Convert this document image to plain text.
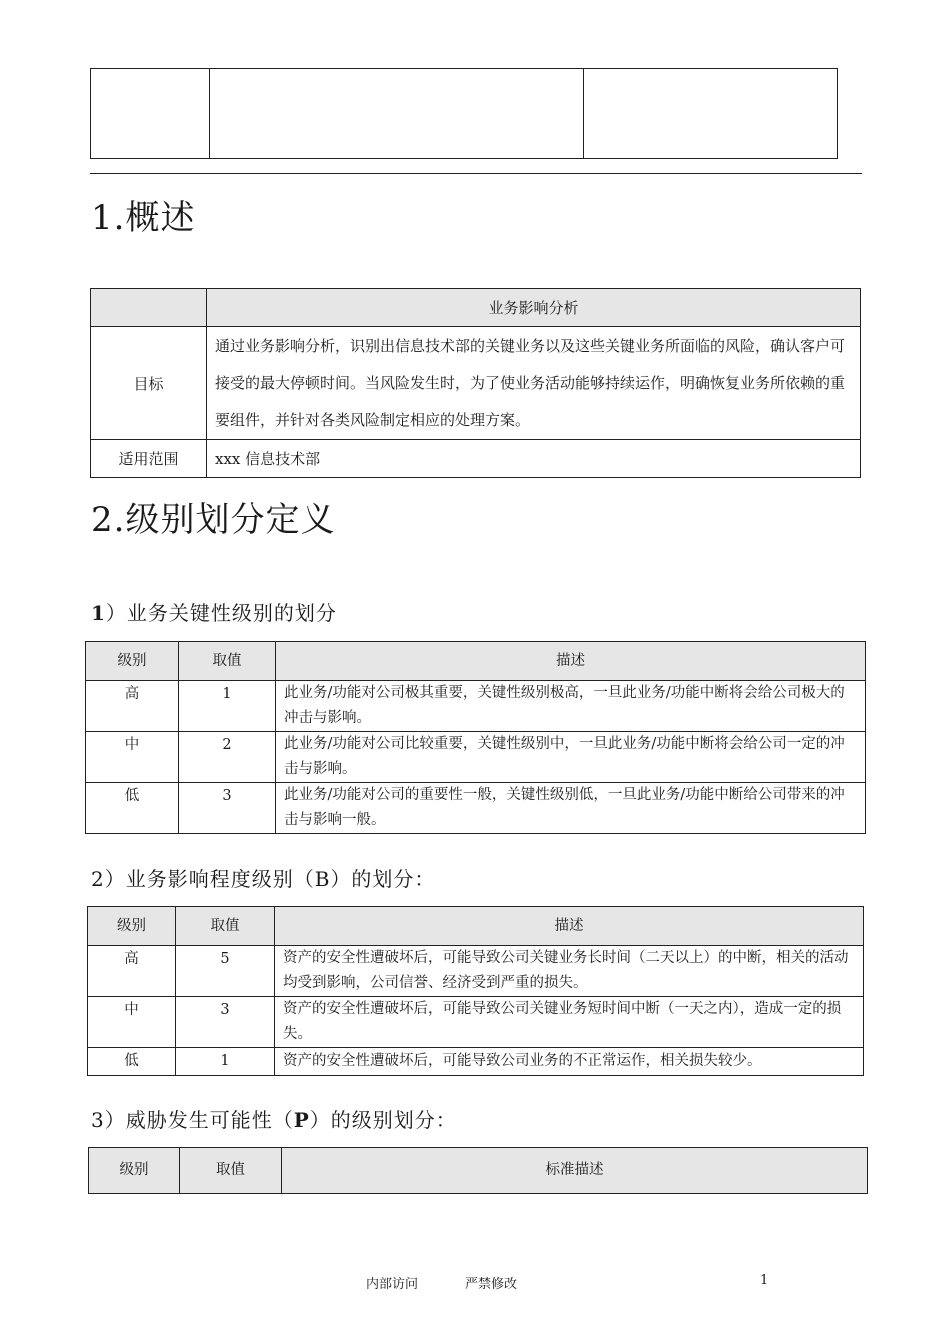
1.概述
	业务影响分析
目标	通过业务影响分析，识别出信息技术部的关键业务以及这些关键业务所面临的风险，确认客户可接受的最大停顿时间。当风险发生时，为了使业务活动能够持续运作，明确恢复业务所依赖的重要组件，并针对各类风险制定相应的处理方案。
适用范围	xxx 信息技术部
2.级别划分定义
1）业务关键性级别的划分
级别	取值	描述
高	1	此业务/功能对公司极其重要，关键性级别极高，一旦此业务/功能中断将会给公司极大的冲击与影响。
中	2	此业务/功能对公司比较重要，关键性级别中，一旦此业务/功能中断将会给公司一定的冲击与影响。
低	3	此业务/功能对公司的重要性一般，关键性级别低，一旦此业务/功能中断给公司带来的冲击与影响一般。
2）业务影响程度级别（B）的划分：
级别	取值	描述
高	5	资产的安全性遭破坏后，可能导致公司关键业务长时间（二天以上）的中断，相关的活动均受到影响，公司信誉、经济受到严重的损失。
中	3	资产的安全性遭破坏后，可能导致公司关键业务短时间中断（一天之内），造成一定的损失。
低	1	资产的安全性遭破坏后，可能导致公司业务的不正常运作，相关损失较少。
3）威胁发生可能性（P）的级别划分：
级别	取值	标准描述
内部访问	严禁修改	1
